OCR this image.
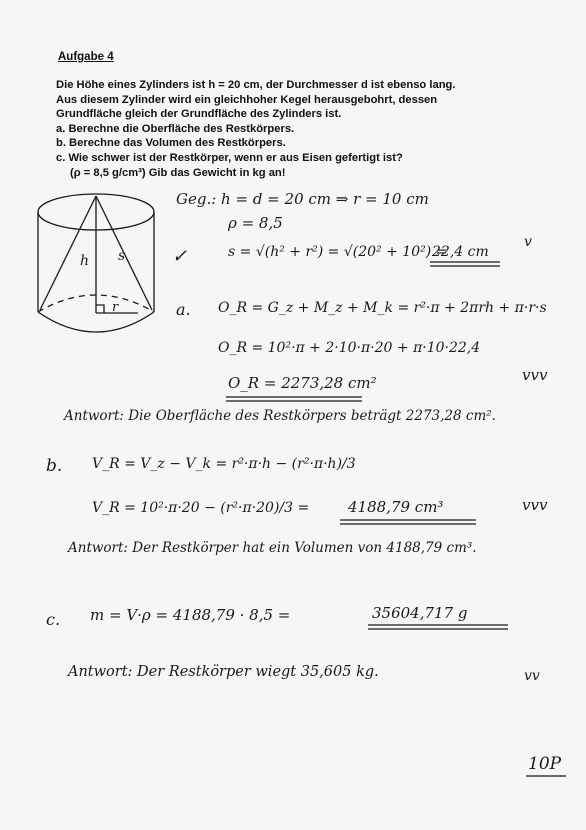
Aufgabe 4
Die Höhe eines Zylinders ist h = 20 cm, der Durchmesser d ist ebenso lang.
Aus diesem Zylinder wird ein gleichhoher Kegel herausgebohrt, dessen
Grundfläche gleich der Grundfläche des Zylinders ist.
a. Berechne die Oberfläche des Restkörpers.
b. Berechne das Volumen des Restkörpers.
c. Wie schwer ist der Restkörper, wenn er aus Eisen gefertigt ist?
(ρ = 8,5 g/cm³) Gib das Gewicht in kg an!
h s
r
Geg.: h = d = 20 cm ⇒ r = 10 cm
ρ = 8,5
✓	s = √(h² + r²) = √(20² + 10²) =
22,4 cm
v
a. O_R = G_z + M_z + M_k = r²·π + 2πrh + π·r·s
O_R = 10²·π + 2·10·π·20 + π·10·22,4
O_R = 2273,28 cm²	vvv
Antwort: Die Oberfläche des Restkörpers beträgt 2273,28 cm².
b. V_R = V_z − V_k = r²·π·h − (r²·π·h)/3
V_R = 10²·π·20 − (r²·π·20)/3 =	4188,79 cm³	vvv
Antwort: Der Restkörper hat ein Volumen von 4188,79 cm³.
c. m = V·ρ = 4188,79 · 8,5 =	35604,717 g
Antwort: Der Restkörper wiegt 35,605 kg.	vv
10P
